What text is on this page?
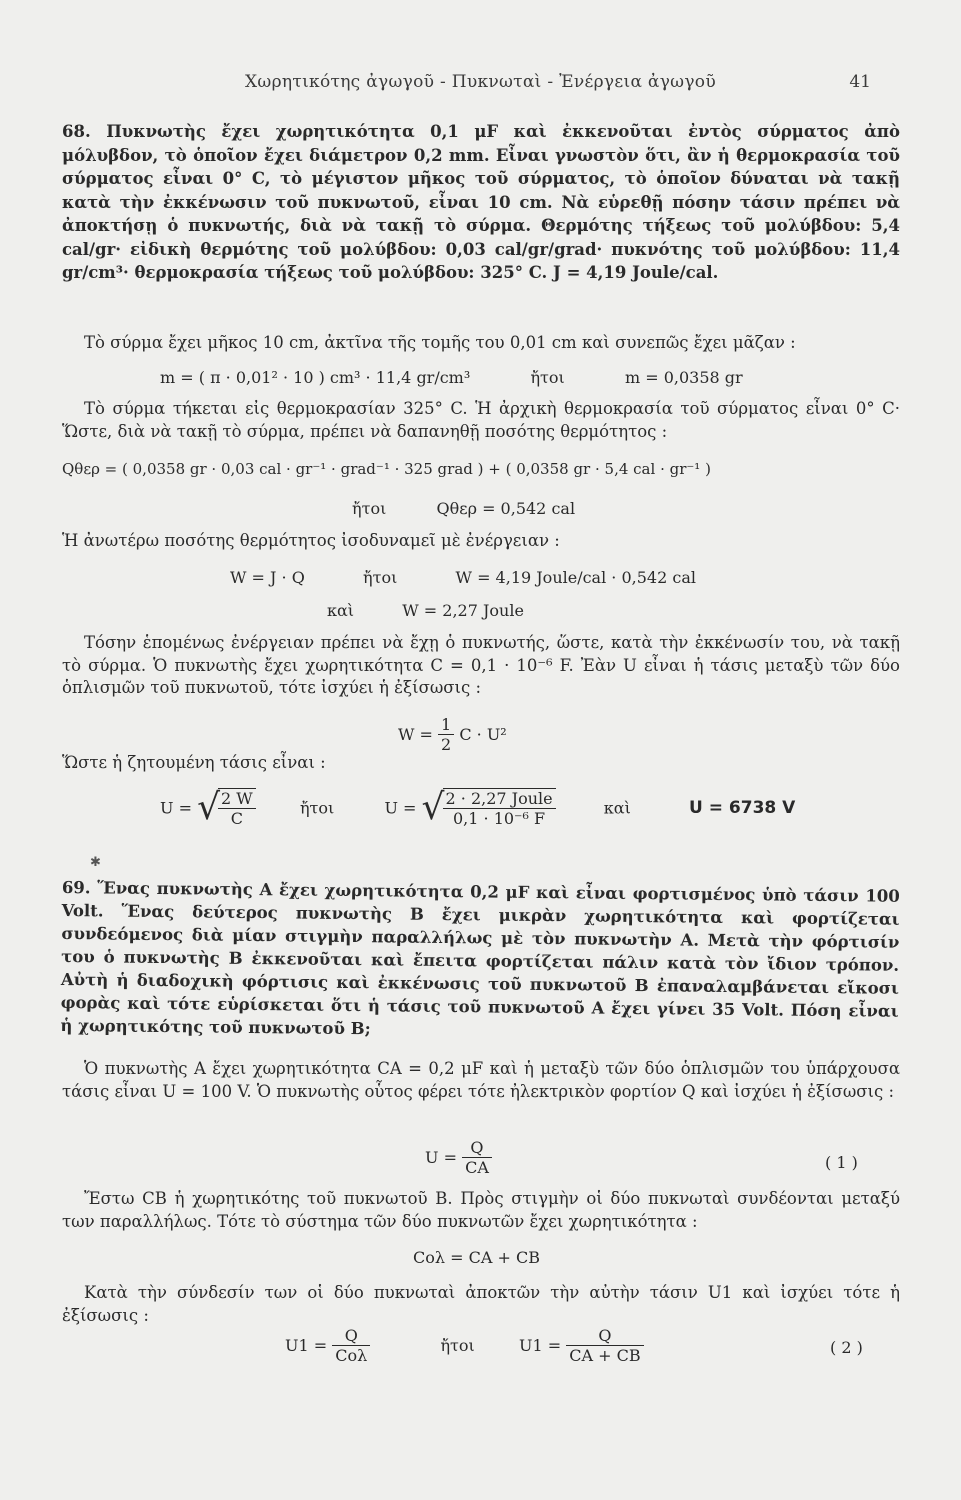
Χωρητικότης ἀγωγοῦ - Πυκνωταὶ - Ἐνέργεια ἀγωγοῦ	41

68. Πυκνωτὴς ἔχει χωρητικότητα 0,1 μF καὶ ἐκκενοῦται ἐντὸς σύρματος ἀπὸ μόλυβδον, τὸ ὁποῖον ἔχει διάμετρον 0,2 mm. Εἶναι γνωστὸν ὅτι, ἂν ἡ θερμοκρασία τοῦ σύρματος εἶναι 0° C, τὸ μέγιστον μῆκος τοῦ σύρματος, τὸ ὁποῖον δύναται νὰ τακῇ κατὰ τὴν ἐκκένωσιν τοῦ πυκνωτοῦ, εἶναι 10 cm. Νὰ εὑρεθῇ πόσην τάσιν πρέπει νὰ ἀποκτήσῃ ὁ πυκνωτής, διὰ νὰ τακῇ τὸ σύρμα. Θερμότης τήξεως τοῦ μολύβδου: 5,4 cal/gr· εἰδικὴ θερμότης τοῦ μολύβδου: 0,03 cal/gr/grad· πυκνότης τοῦ μολύβδου: 11,4 gr/cm³· θερμοκρασία τήξεως τοῦ μολύβδου: 325° C. J = 4,19 Joule/cal.

Τὸ σύρμα ἔχει μῆκος 10 cm, ἀκτῖνα τῆς τομῆς του 0,01 cm καὶ συνεπῶς ἔχει μᾶζαν :

m = ( π · 0,01² · 10 ) cm³ · 11,4 gr/cm³	ἤτοι	m = 0,0358 gr

Τὸ σύρμα τήκεται εἰς θερμοκρασίαν 325° C. Ἡ ἀρχικὴ θερμοκρασία τοῦ σύρματος εἶναι 0° C· Ὥστε, διὰ νὰ τακῇ τὸ σύρμα, πρέπει νὰ δαπανηθῇ ποσότης θερμότητος :

Qθερ = ( 0,0358 gr · 0,03 cal · gr⁻¹ · grad⁻¹ · 325 grad ) + ( 0,0358 gr · 5,4 cal · gr⁻¹ )
ἤτοι	Qθερ = 0,542 cal

Ἡ ἀνωτέρω ποσότης θερμότητος ἰσοδυναμεῖ μὲ ἐνέργειαν :

W = J · Q	ἤτοι	W = 4,19 Joule/cal · 0,542 cal
καὶ	W = 2,27 Joule

Τόσην ἑπομένως ἐνέργειαν πρέπει νὰ ἔχῃ ὁ πυκνωτής, ὥστε, κατὰ τὴν ἐκκένωσίν του, νὰ τακῇ τὸ σύρμα. Ὁ πυκνωτὴς ἔχει χωρητικότητα C = 0,1 · 10⁻⁶ F. Ἐὰν U εἶναι ἡ τάσις μεταξὺ τῶν δύο ὁπλισμῶν τοῦ πυκνωτοῦ, τότε ἰσχύει ἡ ἐξίσωσις :

$W = \frac{1}{2}$ C · U²

Ὥστε ἡ ζητουμένη τάσις εἶναι :

U = √
$\frac{2 W}{C}$	ἤτοι	U = √
$\frac{\text{2 · 2,27 Joule}}{\text{0,1 · 10⁻⁶ F}}$	καὶ	U = 6738 V
✱

69. Ἕνας πυκνωτὴς Α ἔχει χωρητικότητα 0,2 μF καὶ εἶναι φορτισμένος ὑπὸ τάσιν 100 Volt. Ἕνας δεύτερος πυκνωτὴς Β ἔχει μικρὰν χωρητικότητα καὶ φορτίζεται συνδεόμενος διὰ μίαν στιγμὴν παραλλήλως μὲ τὸν πυκνωτὴν Α. Μετὰ τὴν φόρτισίν του ὁ πυκνωτὴς Β ἐκκενοῦται καὶ ἔπειτα φορτίζεται πάλιν κατὰ τὸν ἴδιον τρόπον. Αὐτὴ ἡ διαδοχικὴ φόρτισις καὶ ἐκκένωσις τοῦ πυκνωτοῦ Β ἐπαναλαμβάνεται εἴκοσι φορὰς καὶ τότε εὑρίσκεται ὅτι ἡ τάσις τοῦ πυκνωτοῦ Α ἔχει γίνει 35 Volt. Πόση εἶναι ἡ χωρητικότης τοῦ πυκνωτοῦ Β;

Ὁ πυκνωτὴς Α ἔχει χωρητικότητα CA = 0,2 μF καὶ ἡ μεταξὺ τῶν δύο ὁπλισμῶν του ὑπάρχουσα τάσις εἶναι U = 100 V. Ὁ πυκνωτὴς οὗτος φέρει τότε ἠλεκτρικὸν φορτίον Q καὶ ἰσχύει ἡ ἐξίσωσις :

$U = \frac{Q}{CA}$	( 1 )

Ἔστω CB ἡ χωρητικότης τοῦ πυκνωτοῦ Β. Πρὸς στιγμὴν οἱ δύο πυκνωταὶ συνδέονται μεταξύ των παραλλήλως. Τότε τὸ σύστημα τῶν δύο πυκνωτῶν ἔχει χωρητικότητα :

Cολ = CA + CB

Κατὰ τὴν σύνδεσίν των οἱ δύο πυκνωταὶ ἀποκτῶν τὴν αὐτὴν τάσιν U1 καὶ ἰσχύει τότε ἡ ἐξίσωσις :

$U1 = \frac{Q}{\text{Cολ}}$	ἤτοι	$U1 = \frac{Q}{CA + CB}$	( 2 )
